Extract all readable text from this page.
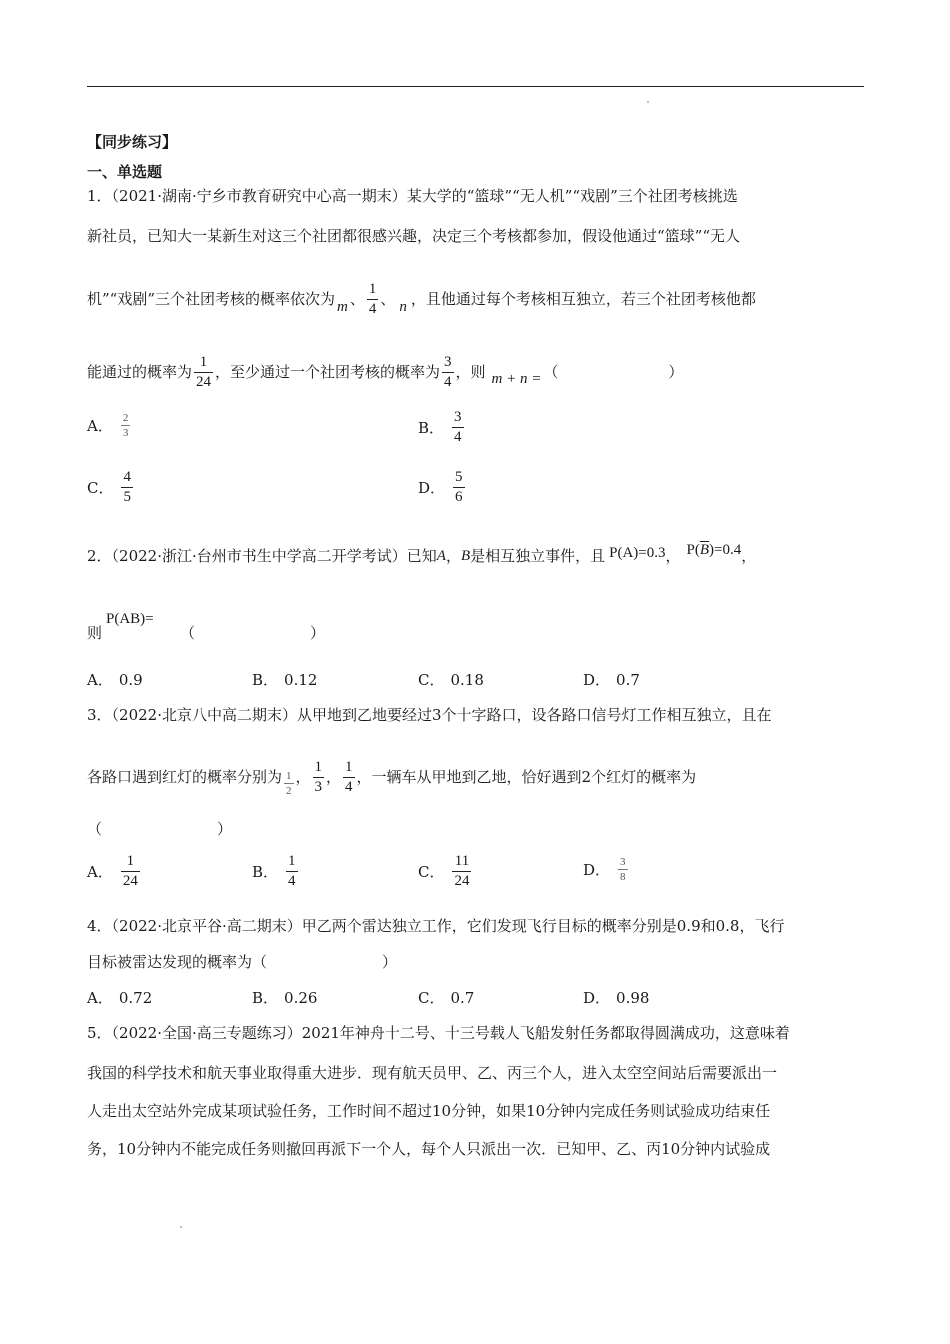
【同步练习】
一、单选题
1．（2021·湖南·宁乡市教育研究中心高一期末）某大学的“篮球”“无人机”“戏剧”三个社团考核挑选
新社员，已知大一某新生对这三个社团都很感兴趣，决定三个考核都参加，假设他通过“篮球”“无人
机”“戏剧”三个社团考核的概率依次为 m 、 $\frac{1}{4}$ 、 n ，且他通过每个考核相互独立，若三个社团考核他都
能通过的概率为 $\frac{1}{24}$ ，至少通过一个社团考核的概率为 $\frac{3}{4}$ ，则 m + n = （	）
A． $\frac{2}{3}$	B． $\frac{3}{4}$
C． $\frac{4}{5}$	D． $\frac{5}{6}$
2．（2022·浙江·台州市书生中学高二开学考试）已知 A ， B 是相互独立事件，且 P(A)=0.3 ， $P(\overline{B})=0.4$ ，
P(AB)=
则	（	）
A． 0.9	B． 0.12	C． 0.18	D． 0.7
3．（2022·北京八中高二期末）从甲地到乙地要经过3个十字路口，设各路口信号灯工作相互独立，且在
各路口遇到红灯的概率分别为 $\frac{1}{2}$ ， $\frac{1}{3}$ ， $\frac{1}{4}$ ，一辆车从甲地到乙地，恰好遇到2个红灯的概率为
（	）
A． $\frac{1}{24}$	B． $\frac{1}{4}$	C． $\frac{11}{24}$	D． $\frac{3}{8}$
4．（2022·北京平谷·高二期末）甲乙两个雷达独立工作，它们发现飞行目标的概率分别是0.9和0.8，飞行
目标被雷达发现的概率为（	）
A． 0.72	B． 0.26	C． 0.7	D． 0.98
5．（2022·全国·高三专题练习）2021年神舟十二号、十三号载人飞船发射任务都取得圆满成功，这意味着
我国的科学技术和航天事业取得重大进步．现有航天员甲、乙、丙三个人，进入太空空间站后需要派出一
人走出太空站外完成某项试验任务，工作时间不超过10分钟，如果10分钟内完成任务则试验成功结束任
务，10分钟内不能完成任务则撤回再派下一个人，每个人只派出一次．已知甲、乙、丙10分钟内试验成
